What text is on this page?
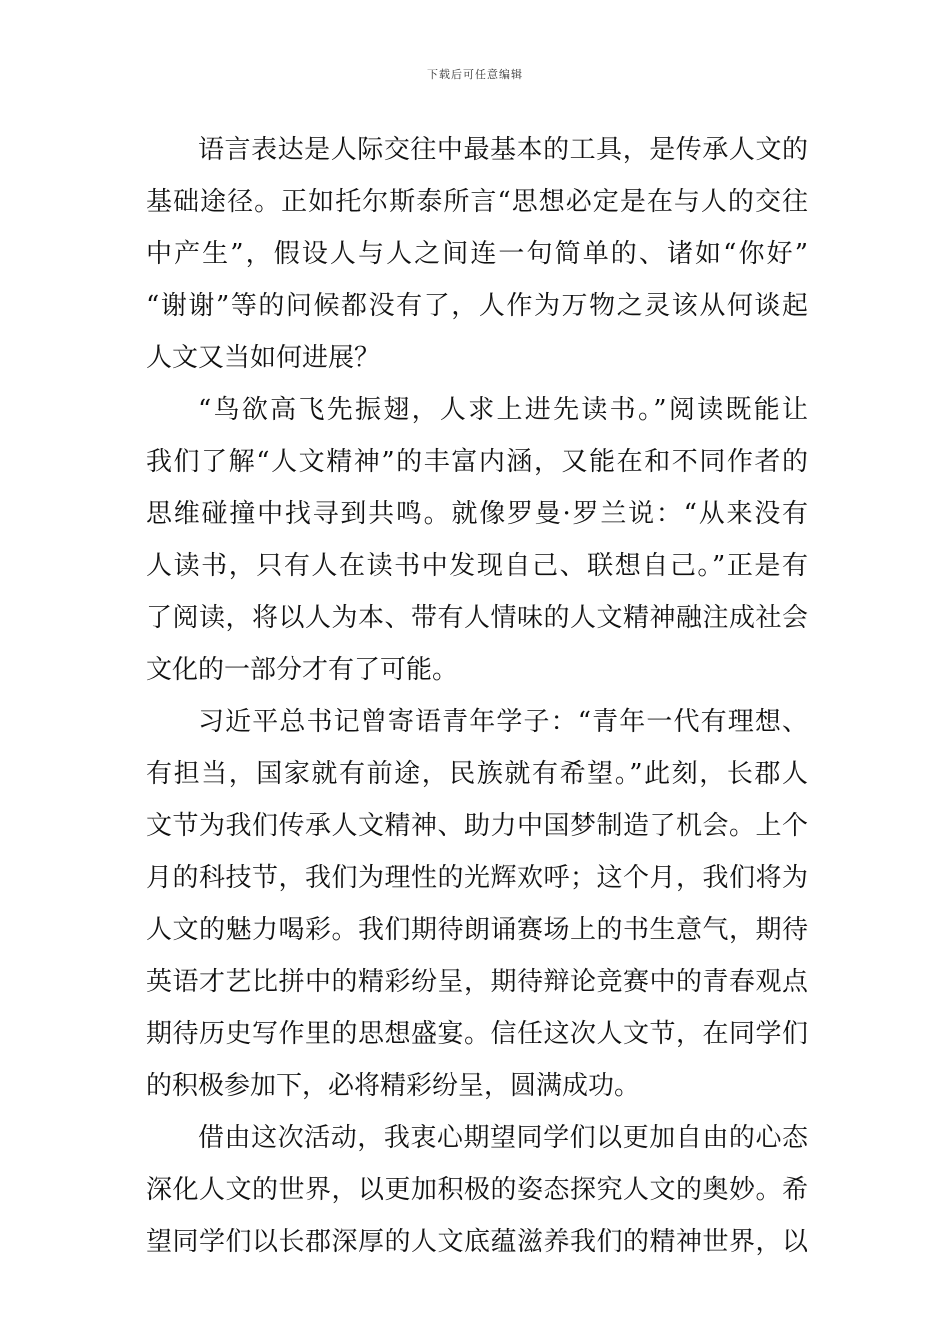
下载后可任意编辑
语言表达是人际交往中最基本的工具，是传承人文的
基础途径。正如托尔斯泰所言“思想必定是在与人的交往
中产生”，假设人与人之间连一句简单的、诸如“你好”
“谢谢”等的问候都没有了，人作为万物之灵该从何谈起
人文又当如何进展？
“鸟欲高飞先振翅，人求上进先读书。”阅读既能让
我们了解“人文精神”的丰富内涵，又能在和不同作者的
思维碰撞中找寻到共鸣。就像罗曼·罗兰说：“从来没有
人读书，只有人在读书中发现自己、联想自己。”正是有
了阅读，将以人为本、带有人情味的人文精神融注成社会
文化的一部分才有了可能。
习近平总书记曾寄语青年学子：“青年一代有理想、
有担当，国家就有前途，民族就有希望。”此刻，长郡人
文节为我们传承人文精神、助力中国梦制造了机会。上个
月的科技节，我们为理性的光辉欢呼；这个月，我们将为
人文的魅力喝彩。我们期待朗诵赛场上的书生意气，期待
英语才艺比拼中的精彩纷呈，期待辩论竞赛中的青春观点
期待历史写作里的思想盛宴。信任这次人文节，在同学们
的积极参加下，必将精彩纷呈，圆满成功。
借由这次活动，我衷心期望同学们以更加自由的心态
深化人文的世界，以更加积极的姿态探究人文的奥妙。希
望同学们以长郡深厚的人文底蕴滋养我们的精神世界，以
